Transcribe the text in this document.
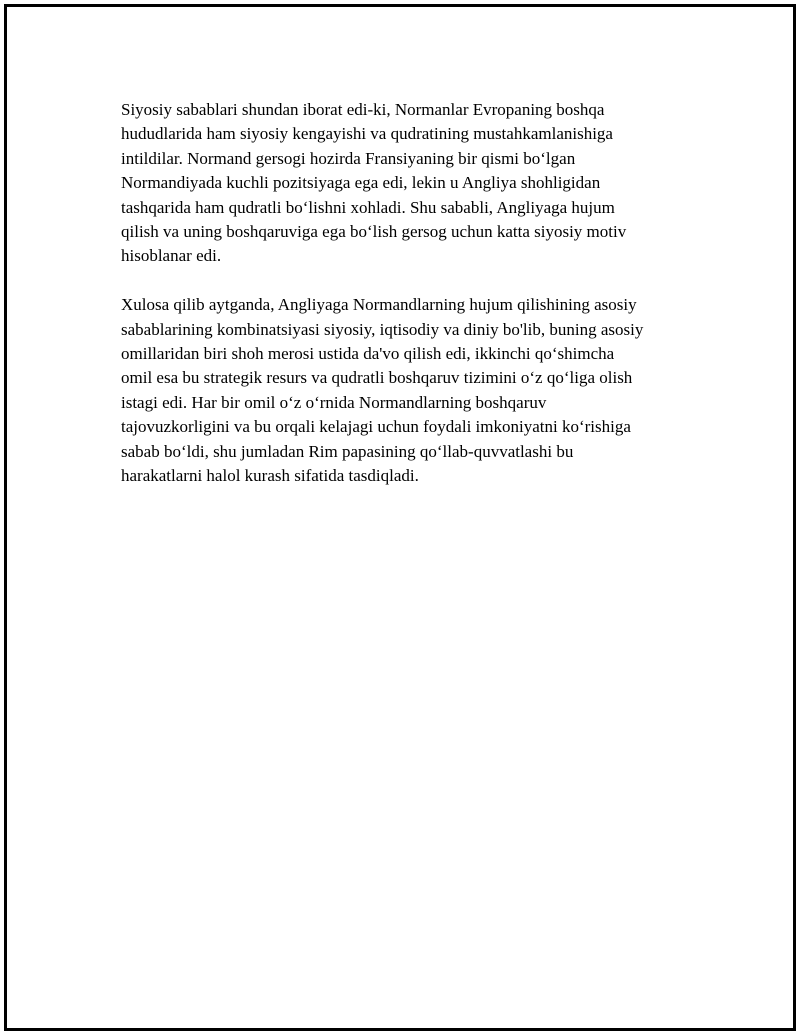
Siyosiy sabablari shundan iborat edi-ki, Normanlar Evropaning boshqa
hududlarida ham siyosiy kengayishi va qudratining mustahkamlanishiga
intildilar. Normand gersogi hozirda Fransiyaning bir qismi bo‘lgan
Normandiyada kuchli pozitsiyaga ega edi, lekin u Angliya shohligidan
tashqarida ham qudratli bo‘lishni xohladi. Shu sababli, Angliyaga hujum
qilish va uning boshqaruviga ega bo‘lish gersog uchun katta siyosiy motiv
hisoblanar edi.

Xulosa qilib aytganda, Angliyaga Normandlarning hujum qilishining asosiy
sabablarining kombinatsiyasi siyosiy, iqtisodiy va diniy bo'lib, buning asosiy
omillaridan biri shoh merosi ustida da'vo qilish edi, ikkinchi qo‘shimcha
omil esa bu strategik resurs va qudratli boshqaruv tizimini o‘z qo‘liga olish
istagi edi. Har bir omil o‘z o‘rnida Normandlarning boshqaruv
tajovuzkorligini va bu orqali kelajagi uchun foydali imkoniyatni ko‘rishiga
sabab bo‘ldi, shu jumladan Rim papasining qo‘llab-quvvatlashi bu
harakatlarni halol kurash sifatida tasdiqladi.
